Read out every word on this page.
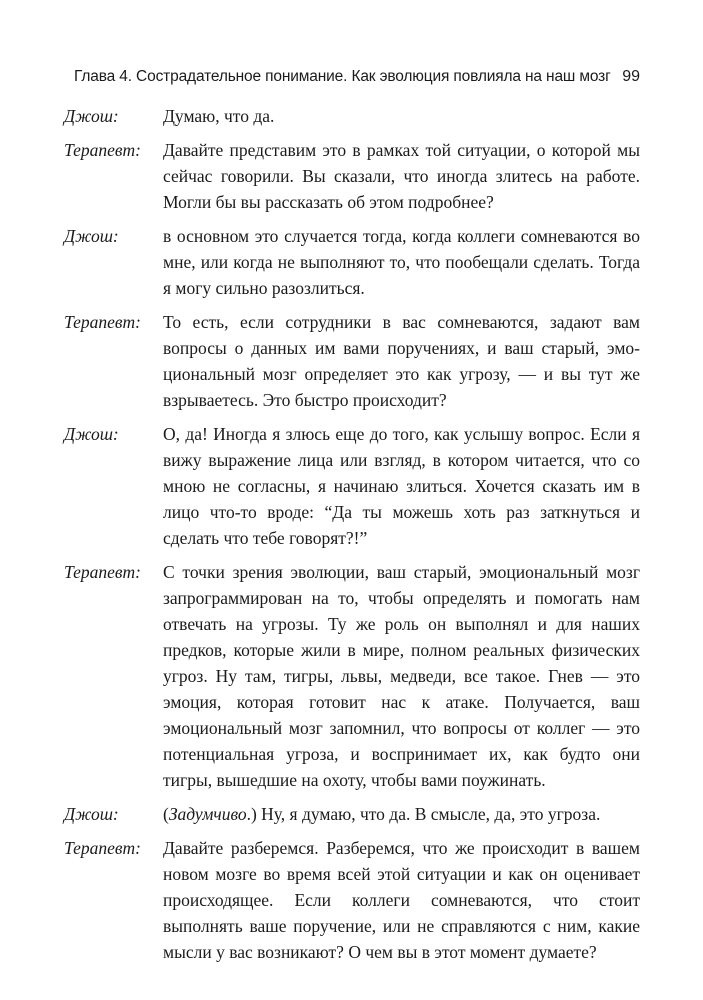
Глава 4. Сострадательное понимание. Как эволюция повлияла на наш мозг 99
Джош:	Думаю, что да.
Терапевт: Давайте представим это в рамках той ситуации, о которой мы сейчас говорили. Вы сказали, что иногда злитесь на работе. Могли бы вы рассказать об этом подробнее?
Джош:	в основном это случается тогда, когда коллеги сомневаются во мне, или когда не выполняют то, что пообещали сделать. Тогда я могу сильно разозлиться.
Терапевт: То есть, если сотрудники в вас сомневаются, задают вам вопросы о данных им вами поручениях, и ваш старый, эмоциональный мозг определяет это как угрозу, — и вы тут же взрываетесь. Это быстро происходит?
Джош:	О, да! Иногда я злюсь еще до того, как услышу вопрос. Если я вижу выражение лица или взгляд, в котором читается, что со мною не согласны, я начинаю злиться. Хочется сказать им в лицо что-то вроде: “Да ты можешь хоть раз заткнуться и сделать что тебе говорят?!”
Терапевт: С точки зрения эволюции, ваш старый, эмоциональный мозг запрограммирован на то, чтобы определять и помогать нам отвечать на угрозы. Ту же роль он выполнял и для наших предков, которые жили в мире, полном реальных физических угроз. Ну там, тигры, львы, медведи, все такое. Гнев — это эмоция, которая готовит нас к атаке. Получается, ваш эмоциональный мозг запомнил, что вопросы от коллег — это потенциальная угроза, и воспринимает их, как будто они тигры, вышедшие на охоту, чтобы вами поужинать.
Джош:	(Задумчиво.) Ну, я думаю, что да. В смысле, да, это угроза.
Терапевт: Давайте разберемся. Разберемся, что же происходит в вашем новом мозге во время всей этой ситуации и как он оценивает происходящее. Если коллеги сомневаются, что стоит выполнять ваше поручение, или не справляются с ним, какие мысли у вас возникают? О чем вы в этот момент думаете?
